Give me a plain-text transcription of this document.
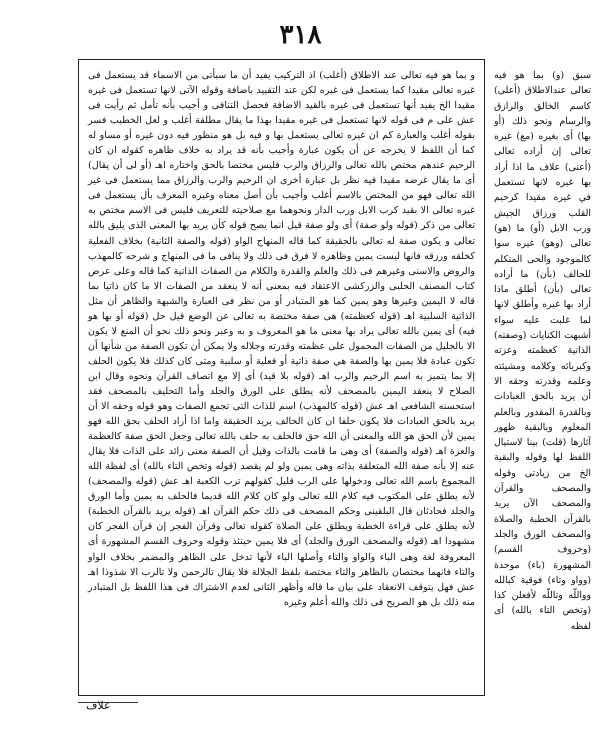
٣١٨

و بما هو فيه تعالى عند الاطلاق (أغلب) اذ التركيب يفيد أن ما سبأتى من الاسماء قد يستعمل فى غيره تعالى مقيدا كما يستعمل فى غيره لكن عند التقييد باضافة وقوله الآتى لانها تستعمل فى غيره مقيدا الخ يفيد أنها تستعمل فى غيره بالقيد الاضافة فحصل التنافى و أجيب بأنه تأمل ثم رأيت فى عش على م فى قوله لانها تستعمل فى غيره مقيدا بهذا ما يقال مطلقة أغلب و لعل الخطيب فسر بقوله أغلب والعبارة كم ان غيره تعالى يستعمل بها و فيه بل هو منظور فيه دون غيره أو مساو له كما أن اللفظ لا يخرجه عن أن يكون عبارة وأجيب بأنه قد يراد به خلاف ظاهره كقوله ان كان الرحيم عندهم مختص بالله تعالى والرزاق والرب فليس مختصا بالحق واختاره اهـ (أو لى أن يقال) أى ما يقال غرضه مقيدا فيه نظر بل عبارة أخرى ان الرحيم والرب والرزاق مما يستعمل فى غير الله تعالى فهو من المختص بالاسم أغلب وأجيب بأن أصل معناه وغيره المعرف بأل يستعمل فى غيره تعالى الا بقيد كرب الابل ورب الدار ونحوهما مع صلاحيته للتعريف فليس فى الاسم مختص به تعالى من ذكر (قوله ولو صفة) أى ولو صفة قيل انما يصح قوله كأن يريد بها المعنى الذى يليق بالله تعالى و يكون صفة له تعالى بالحقيقة كما قاله المنهاج الواو (قوله والصفة الثانية) بخلاف الفعلية كخلقه ورزقه فانها ليست يمين وظاهره لا فرق فى ذلك ولا ينافى ما فى المنهاج و شرحه كالمهذب والروض والاسنى وغيرهم فى ذلك والعلم والقدرة والكلام من الصفات الذاتية كما قاله وعلى عرض كتاب المصنف الحلبى والزركشى الاعتقاد فيه بمعنى أنه لا ينعقد من الصفات الا ما كان ذاتيا بما قاله لا اليمين وغيرها وهو يمين كما هو المتبادر أو من نظر فى العبارة والشبهة والظاهر أن مثل الذاتية السلبية اهـ (قوله كعظمته) هى صفة مختصة به تعالى عن الوضع قيل حل (قوله أو بها هو فيه) أى يمين بالله تعالى يراد بها معنى ما هو المعروف و به وعبر ونحو ذلك نحو أن المنع لا يكون الا بالجليل من الصفات المحمول على عظمته وقدرته وجلاله ولا يمكن أن تكون الصفة من شأنها أن تكون عبادة فلا يمين بها والصفة هي صفة ذاتية أو فعلية أو سلبية ومتى كان كذلك فلا يكون الحلف إلا بما يتميز به اسم الرحيم والرب اهـ (قوله بلا قيد) أى إلا مع اتصاف القرآن ونحوه وقال ابن الصلاح لا ينعقد اليمين بالمصحف لأنه يطلق على الورق والجلد وأما التحليف بالمصحف فقد استحسنه الشافعى اهـ عش (قوله كالمهذب) اسم للذات التى تجمع الصفات وهو قوله وحقه الا أن يريد بالحق العبادات فلا يكون حلفا ان كان الحالف يريد الحقيقة واما اذا أراد الحلف بحق الله فهو يمين لأن الحق هو الله والمعنى أن الله حق فالحلف به حلف بالله تعالى وجعل الحق صفة كالعظمة والعزة اهـ (قوله والصفة) أى وهى ما قامت بالذات وقيل أن الصفة معنى زائد على الذات فلا يقال عنه إلا بأنه صفة الله المتعلقة بذاته وهى يمين ولو لم يقصد (قوله وتخص التاء بالله) أى لفظة الله المجموع باسم الله تعالى ودخولها على الرب قليل كقولهم ترب الكعبة اهـ عش (قوله والمصحف) لأنه يطلق على المكتوب فيه كلام الله تعالى ولو كان كلام الله قديما فالحلف به يمين وأما الورق والجلد فحادثان قال البلقينى وحكم المصحف فى ذلك حكم القرآن اهـ (قوله يريد بالقرآن الخطبة) لأنه يطلق على قراءة الخطبة ويطلق على الصلاة كقوله تعالى وقرآن الفجر إن قرآن الفجر كان مشهودا اهـ (قوله والمصحف الورق والجلد) أى فلا يمين حينئذ وقوله وحروف القسم المشهورة أى المعروفة لغة وهى الباء والواو والتاء وأصلها الباء لأنها تدخل على الظاهر والمضمر بخلاف الواو والتاء فانهما مختصان بالظاهر والتاء مختصة بلفظ الجلالة فلا يقال تالرحمن ولا تالرب الا شذوذا اهـ عش فهل يتوقف الانعقاد على بيان ما قاله وأظهر الثانى لعدم الاشتراك فى هذا اللفظ بل المتبادر منه ذلك بل هو الصريح فى ذلك والله أعلم وغيره

سبق (و) بما هو فيه تعالى عندالاطلاق (أعلى) كاسم الخالق والرازق والرسام ونحو ذلك (أو بها) أى بغيره (مع) غيره تعالى إن أراده تعالى (أعنى) علاف ما اذا أراد بها غيره لانها تستعمل في غيره مقيدا كرحيم القلب ورزاق الجيش ورب الابل (أو) ما (هو) تعالى (وهو) غيره سوا كالموجود والحى المتكلم للحالف (بأن) ما أراده تعالى (بأن) أطلق ماذا أراد بها غيره وأطلق لانها لما غلبت عليه سواء أشبهت الكنايات (وصفته) الذاتية كعظمته وعزته وكبريائه وكلامه ومشيئته وعلمه وقدرته وحقه الا أن يريد بالحق العبادات وبالقدرة المقدور وبالعلم المعلوم وبالبقية ظهور آثارها (قلت) بينا لاستيال اللفظ لها وقوله والبقية الخ من زيادتى وقوله والمصحف والقرآن والمصحف الآن يريد بالقرآن الخطبة والصلاة والمصحف الورق والجلد (وحروف القسم) المشهورة (باء) موحدة (وواو وتاء) فوقية كبالله وواللّه وتاللّه لأفعلن كذا (وتخص التاء بالله) أى لفظه

علاف
